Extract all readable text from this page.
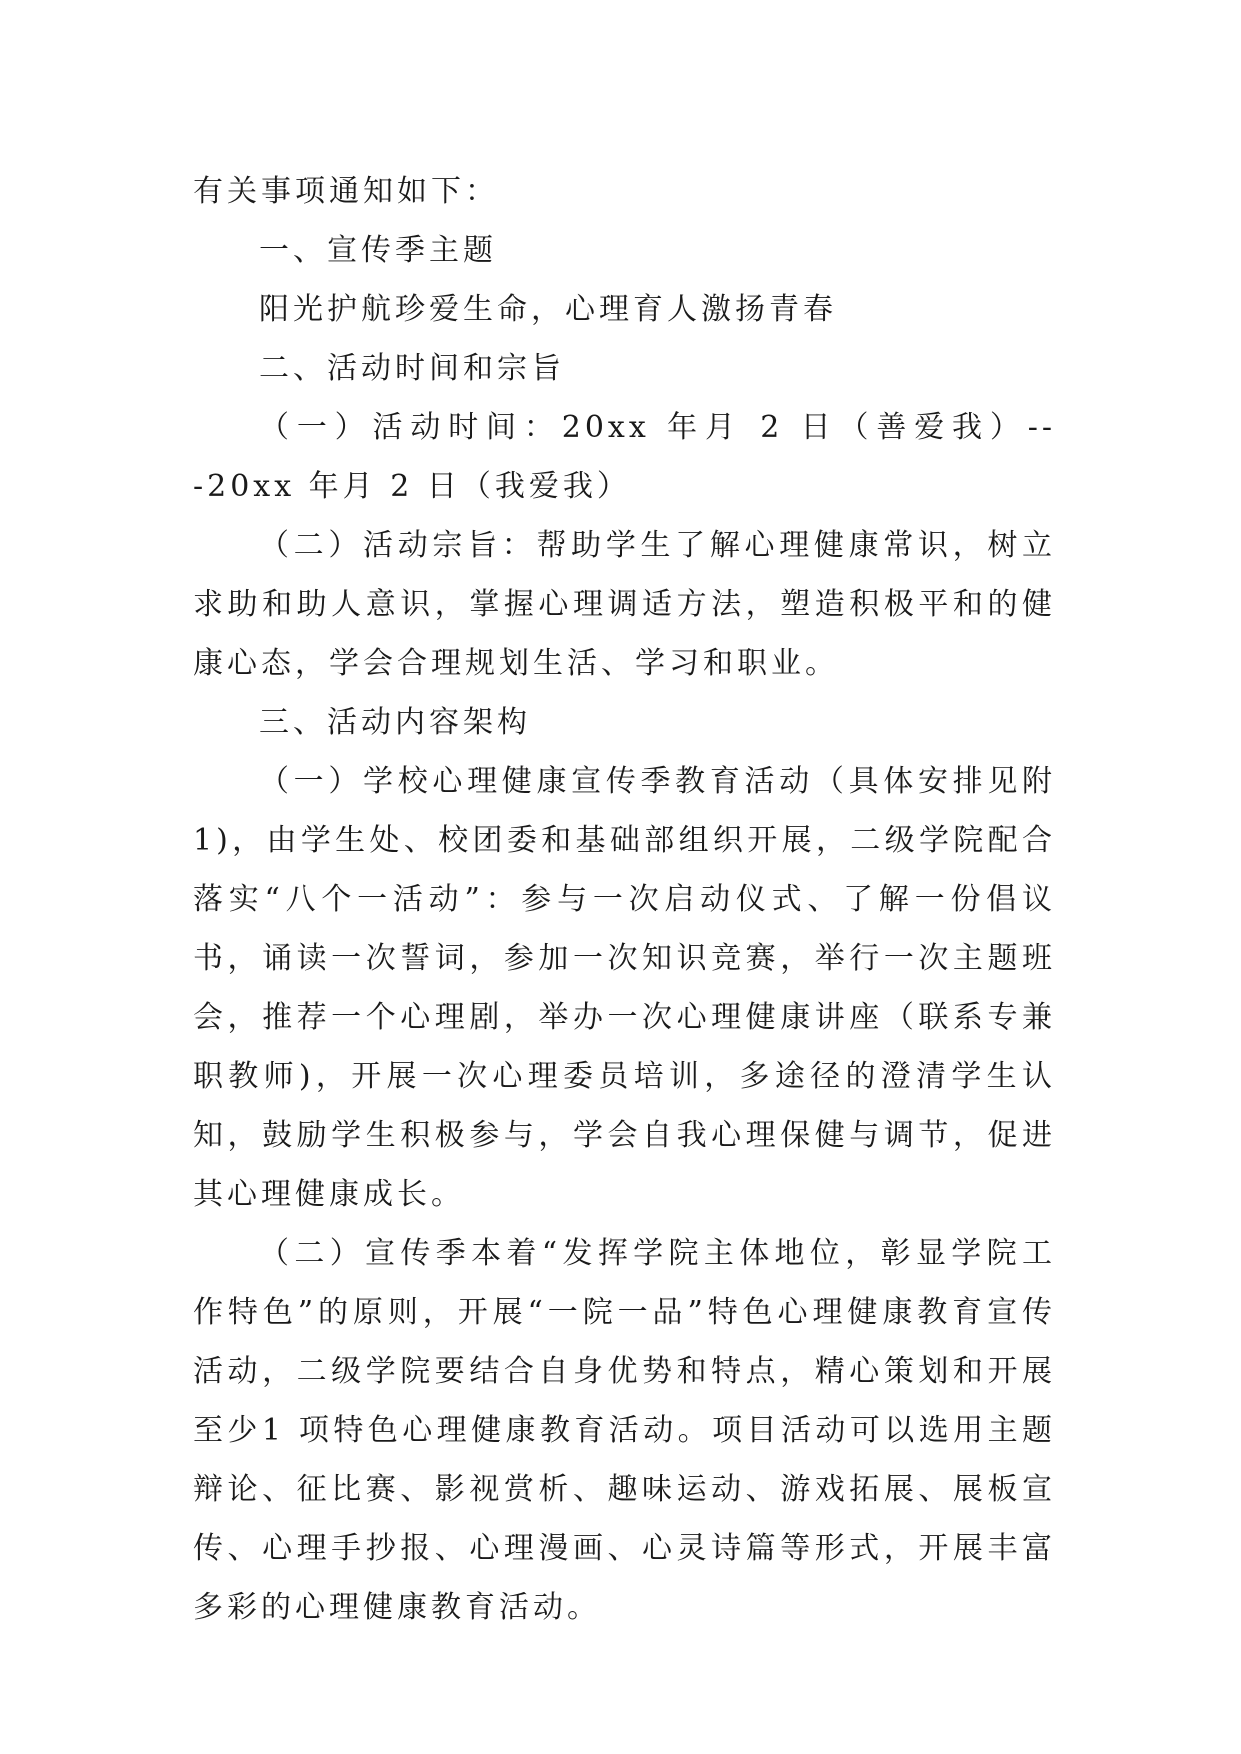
有关事项通知如下：

一、宣传季主题

阳光护航珍爱生命，心理育人激扬青春

二、活动时间和宗旨

（一）活动时间：20xx 年月 2 日（善爱我）---20xx 年月 2 日（我爱我）

（二）活动宗旨：帮助学生了解心理健康常识，树立求助和助人意识，掌握心理调适方法，塑造积极平和的健康心态，学会合理规划生活、学习和职业。

三、活动内容架构

（一）学校心理健康宣传季教育活动（具体安排见附1)，由学生处、校团委和基础部组织开展，二级学院配合落实“八个一活动”：参与一次启动仪式、了解一份倡议书，诵读一次誓词，参加一次知识竞赛，举行一次主题班会，推荐一个心理剧，举办一次心理健康讲座（联系专兼职教师)，开展一次心理委员培训，多途径的澄清学生认知，鼓励学生积极参与，学会自我心理保健与调节，促进其心理健康成长。

（二）宣传季本着“发挥学院主体地位，彰显学院工作特色”的原则，开展“一院一品”特色心理健康教育宣传活动，二级学院要结合自身优势和特点，精心策划和开展至少1 项特色心理健康教育活动。项目活动可以选用主题辩论、征比赛、影视赏析、趣味运动、游戏拓展、展板宣传、心理手抄报、心理漫画、心灵诗篇等形式，开展丰富多彩的心理健康教育活动。
